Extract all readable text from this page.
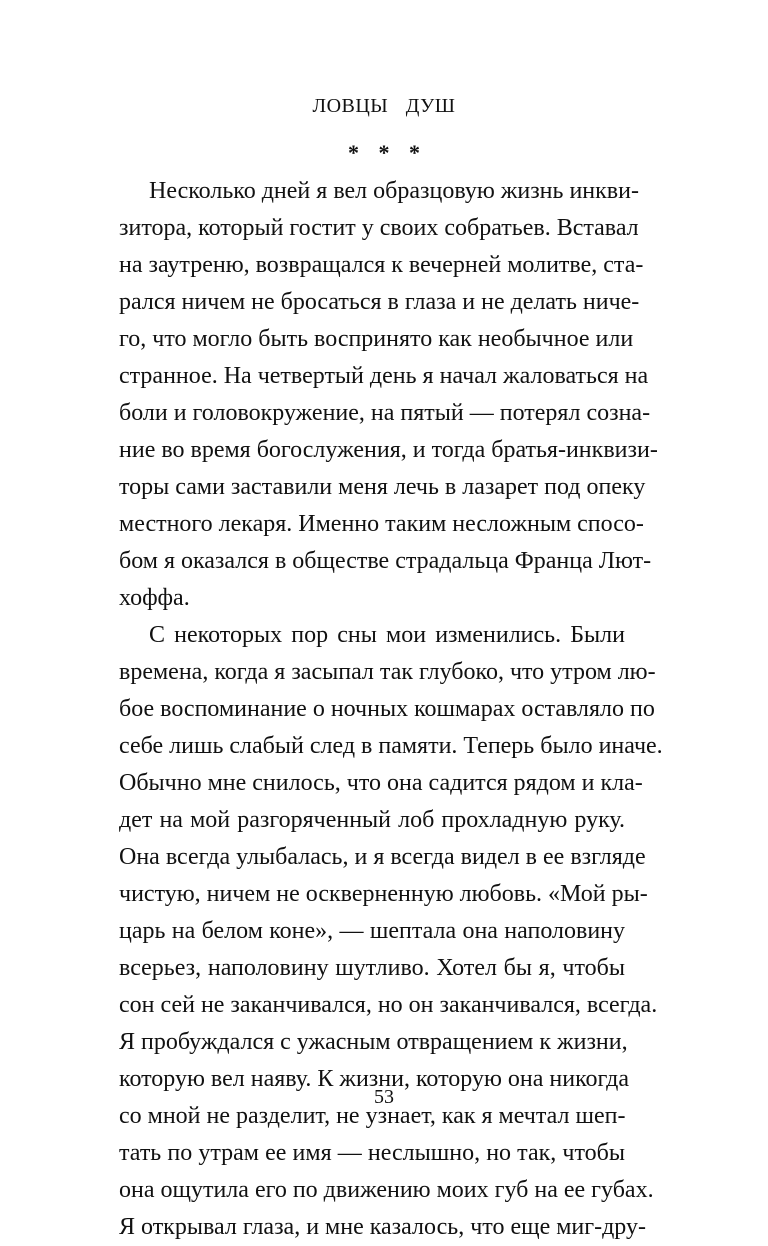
ЛОВЦЫ ДУШ
* * *
Несколько дней я вел образцовую жизнь инкви-
зитора, который гостит у своих собратьев. Вставал
на заутреню, возвращался к вечерней молитве, ста-
рался ничем не бросаться в глаза и не делать ниче-
го, что могло быть воспринято как необычное или
странное. На четвертый день я начал жаловаться на
боли и головокружение, на пятый — потерял созна-
ние во время богослужения, и тогда братья-инквизи-
торы сами заставили меня лечь в лазарет под опеку
местного лекаря. Именно таким несложным спосо-
бом я оказался в обществе страдальца Франца Лют-
хоффа.
С некоторых пор сны мои изменились. Были
времена, когда я засыпал так глубоко, что утром лю-
бое воспоминание о ночных кошмарах оставляло по
себе лишь слабый след в памяти. Теперь было иначе.
Обычно мне снилось, что она садится рядом и кла-
дет на мой разгоряченный лоб прохладную руку.
Она всегда улыбалась, и я всегда видел в ее взгляде
чистую, ничем не оскверненную любовь. «Мой ры-
царь на белом коне», — шептала она наполовину
всерьез, наполовину шутливо. Хотел бы я, чтобы
сон сей не заканчивался, но он заканчивался, всегда.
Я пробуждался с ужасным отвращением к жизни,
которую вел наяву. К жизни, которую она никогда
со мной не разделит, не узнает, как я мечтал шеп-
тать по утрам ее имя — неслышно, но так, чтобы
она ощутила его по движению моих губ на ее губах.
Я открывал глаза, и мне казалось, что еще миг-дру-
53
